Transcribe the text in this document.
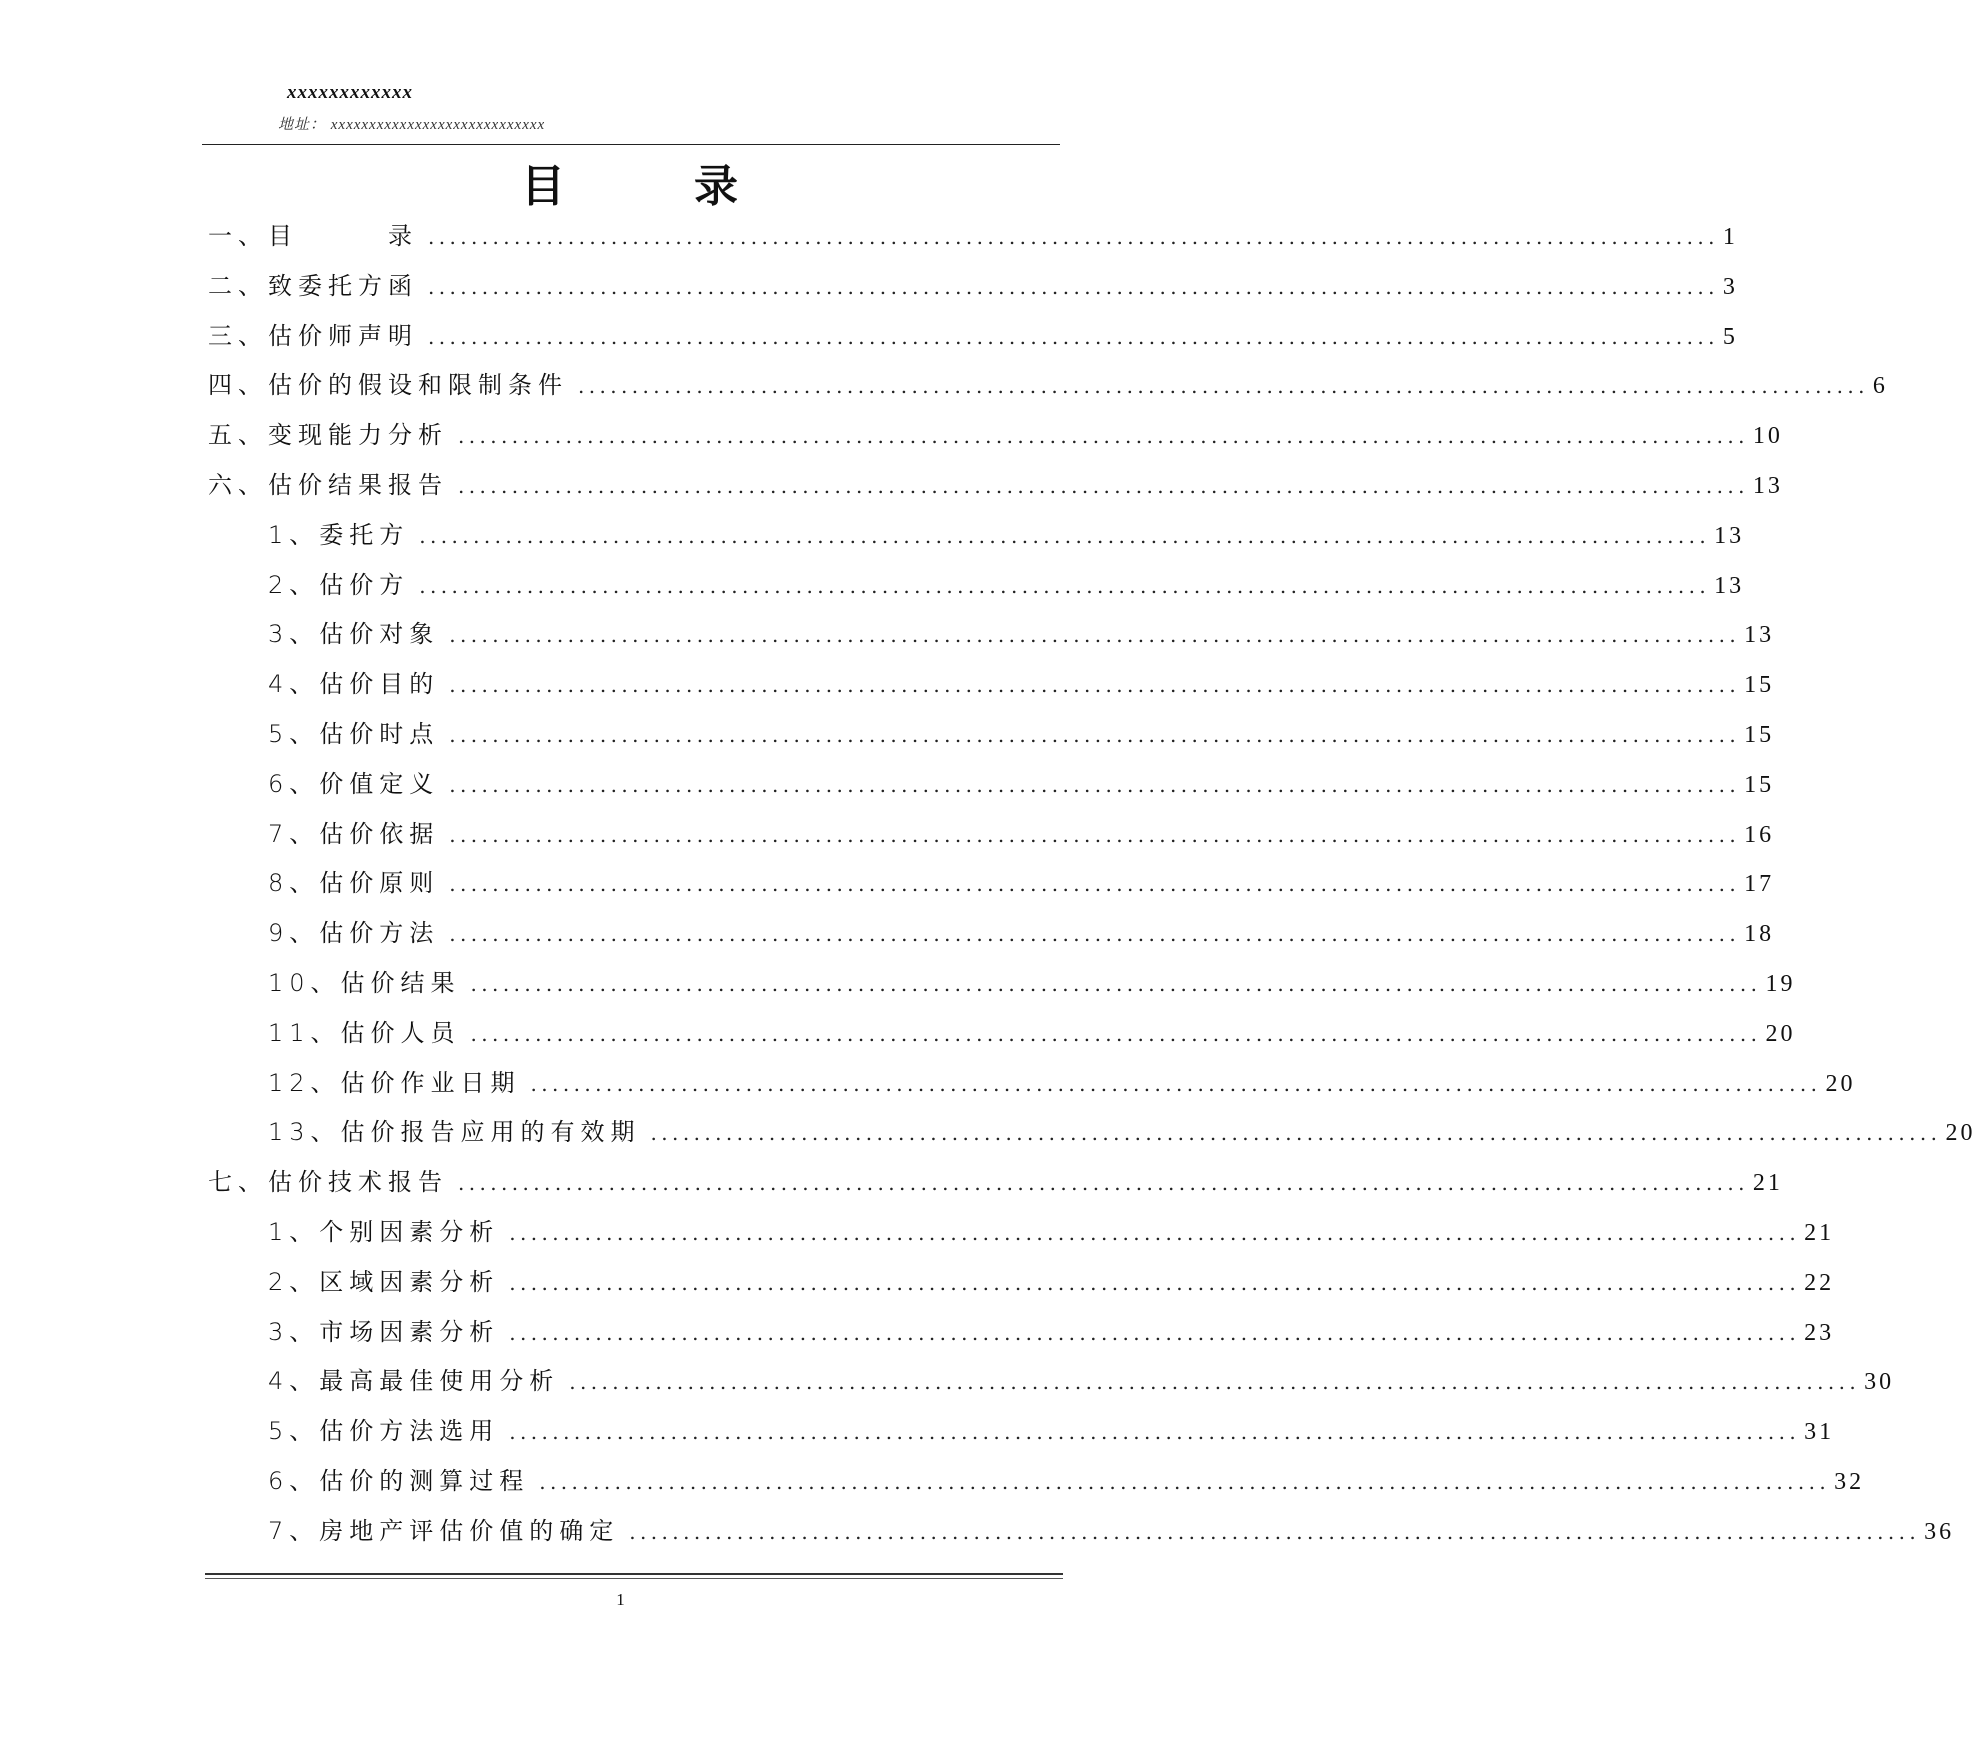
xxxxxxxxxxxx
地址： xxxxxxxxxxxxxxxxxxxxxxxxxxxx
目	录
一、目　　　录 ........................................................................................................................ 1
二、致委托方函 ........................................................................................................................ 3
三、估价师声明 ........................................................................................................................ 5
四、估价的假设和限制条件 ........................................................................................................................ 6
五、变现能力分析 ........................................................................................................................ 10
六、估价结果报告 ........................................................................................................................ 13
1、委托方 ........................................................................................................................ 13
2、估价方 ........................................................................................................................ 13
3、估价对象 ........................................................................................................................ 13
4、估价目的 ........................................................................................................................ 15
5、估价时点 ........................................................................................................................ 15
6、价值定义 ........................................................................................................................ 15
7、估价依据 ........................................................................................................................ 16
8、估价原则 ........................................................................................................................ 17
9、估价方法 ........................................................................................................................ 18
10、估价结果 ........................................................................................................................ 19
11、估价人员 ........................................................................................................................ 20
12、估价作业日期 ........................................................................................................................ 20
13、估价报告应用的有效期 ........................................................................................................................ 20
七、估价技术报告 ........................................................................................................................ 21
1、个别因素分析 ........................................................................................................................ 21
2、区域因素分析 ........................................................................................................................ 22
3、市场因素分析 ........................................................................................................................ 23
4、最高最佳使用分析 ........................................................................................................................ 30
5、估价方法选用 ........................................................................................................................ 31
6、估价的测算过程 ........................................................................................................................ 32
7、房地产评估价值的确定 ........................................................................................................................ 36
1
